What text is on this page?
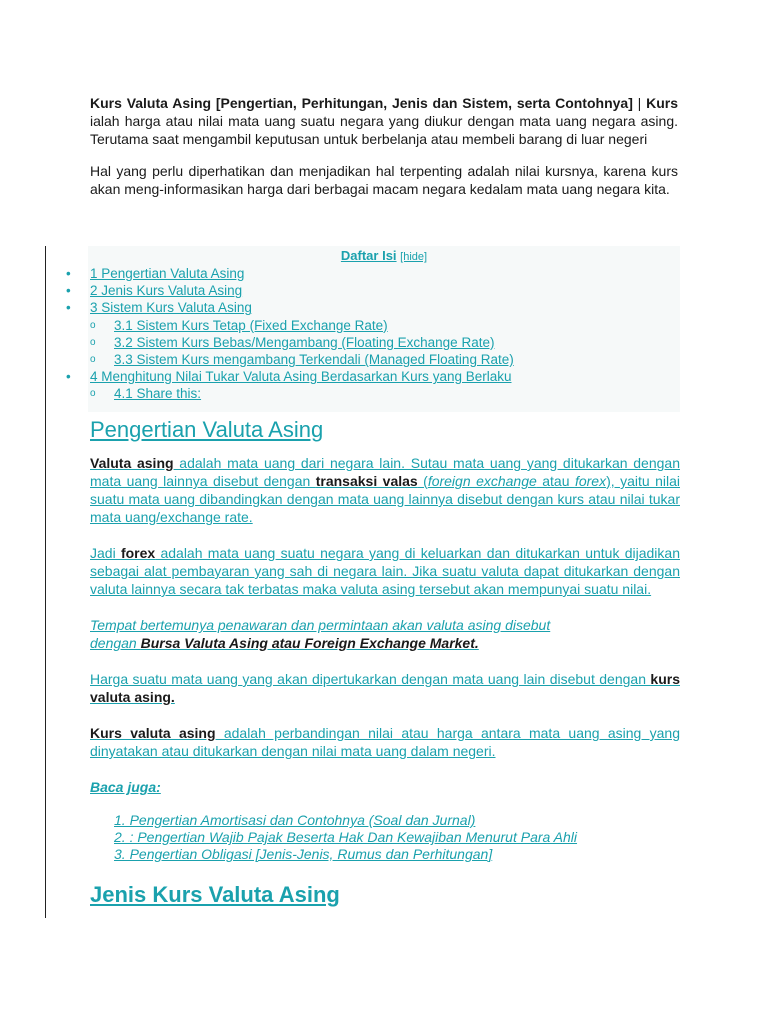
Kurs Valuta Asing [Pengertian, Perhitungan, Jenis dan Sistem, serta Contohnya] | Kurs ialah harga atau nilai mata uang suatu negara yang diukur dengan mata uang negara asing. Terutama saat mengambil keputusan untuk berbelanja atau membeli barang di luar negeri

Hal yang perlu diperhatikan dan menjadikan hal terpenting adalah nilai kursnya, karena kurs akan meng-informasikan harga dari berbagai macam negara kedalam mata uang negara kita.

Daftar Isi [hide]
•	1 Pengertian Valuta Asing
•	2 Jenis Kurs Valuta Asing
•	3 Sistem Kurs Valuta Asing
o	3.1 Sistem Kurs Tetap (Fixed Exchange Rate)
o	3.2 Sistem Kurs Bebas/Mengambang (Floating Exchange Rate)
o	3.3 Sistem Kurs mengambang Terkendali (Managed Floating Rate)
•	4 Menghitung Nilai Tukar Valuta Asing Berdasarkan Kurs yang Berlaku
o	4.1 Share this:
Pengertian Valuta Asing

Valuta asing adalah mata uang dari negara lain. Sutau mata uang yang ditukarkan dengan mata uang lainnya disebut dengan transaksi valas (foreign exchange atau forex), yaitu nilai suatu mata uang dibandingkan dengan mata uang lainnya disebut dengan kurs atau nilai tukar mata uang/exchange rate.

Jadi forex adalah mata uang suatu negara yang di keluarkan dan ditukarkan untuk dijadikan sebagai alat pembayaran yang sah di negara lain. Jika suatu valuta dapat ditukarkan dengan valuta lainnya secara tak terbatas maka valuta asing tersebut akan mempunyai suatu nilai.

Tempat bertemunya penawaran dan permintaan akan valuta asing disebut
dengan Bursa Valuta Asing atau Foreign Exchange Market.

Harga suatu mata uang yang akan dipertukarkan dengan mata uang lain disebut dengan kurs valuta asing.

Kurs valuta asing adalah perbandingan nilai atau harga antara mata uang asing yang dinyatakan atau ditukarkan dengan nilai mata uang dalam negeri.

Baca juga:

1. Pengertian Amortisasi dan Contohnya (Soal dan Jurnal)
2. : Pengertian Wajib Pajak Beserta Hak Dan Kewajiban Menurut Para Ahli
3. Pengertian Obligasi [Jenis-Jenis, Rumus dan Perhitungan]
Jenis Kurs Valuta Asing
